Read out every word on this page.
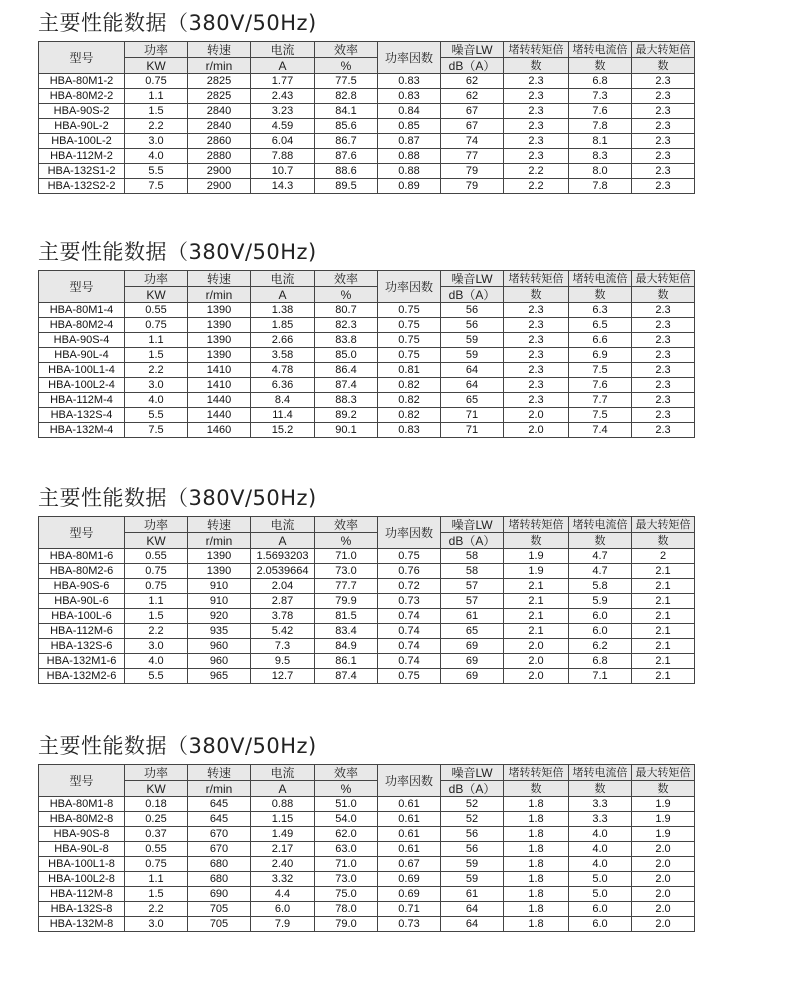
主要性能数据（380V/50Hz)
型号	功率	转速	电流	效率	功率因数	噪音LW	堵转转矩倍	堵转电流倍	最大转矩倍
	KW	r/min	A	%		dB（A）	数	数	数
HBA-80M1-2	0.75	2825	1.77	77.5	0.83	62	2.3	6.8	2.3
HBA-80M2-2	1.1	2825	2.43	82.8	0.83	62	2.3	7.3	2.3
HBA-90S-2	1.5	2840	3.23	84.1	0.84	67	2.3	7.6	2.3
HBA-90L-2	2.2	2840	4.59	85.6	0.85	67	2.3	7.8	2.3
HBA-100L-2	3.0	2860	6.04	86.7	0.87	74	2.3	8.1	2.3
HBA-112M-2	4.0	2880	7.88	87.6	0.88	77	2.3	8.3	2.3
HBA-132S1-2	5.5	2900	10.7	88.6	0.88	79	2.2	8.0	2.3
HBA-132S2-2	7.5	2900	14.3	89.5	0.89	79	2.2	7.8	2.3
主要性能数据（380V/50Hz)
型号	功率	转速	电流	效率	功率因数	噪音LW	堵转转矩倍	堵转电流倍	最大转矩倍
	KW	r/min	A	%		dB（A）	数	数	数
HBA-80M1-4	0.55	1390	1.38	80.7	0.75	56	2.3	6.3	2.3
HBA-80M2-4	0.75	1390	1.85	82.3	0.75	56	2.3	6.5	2.3
HBA-90S-4	1.1	1390	2.66	83.8	0.75	59	2.3	6.6	2.3
HBA-90L-4	1.5	1390	3.58	85.0	0.75	59	2.3	6.9	2.3
HBA-100L1-4	2.2	1410	4.78	86.4	0.81	64	2.3	7.5	2.3
HBA-100L2-4	3.0	1410	6.36	87.4	0.82	64	2.3	7.6	2.3
HBA-112M-4	4.0	1440	8.4	88.3	0.82	65	2.3	7.7	2.3
HBA-132S-4	5.5	1440	11.4	89.2	0.82	71	2.0	7.5	2.3
HBA-132M-4	7.5	1460	15.2	90.1	0.83	71	2.0	7.4	2.3
主要性能数据（380V/50Hz)
型号	功率	转速	电流	效率	功率因数	噪音LW	堵转转矩倍	堵转电流倍	最大转矩倍
	KW	r/min	A	%		dB（A）	数	数	数
HBA-80M1-6	0.55	1390	1.5693203	71.0	0.75	58	1.9	4.7	2
HBA-80M2-6	0.75	1390	2.0539664	73.0	0.76	58	1.9	4.7	2.1
HBA-90S-6	0.75	910	2.04	77.7	0.72	57	2.1	5.8	2.1
HBA-90L-6	1.1	910	2.87	79.9	0.73	57	2.1	5.9	2.1
HBA-100L-6	1.5	920	3.78	81.5	0.74	61	2.1	6.0	2.1
HBA-112M-6	2.2	935	5.42	83.4	0.74	65	2.1	6.0	2.1
HBA-132S-6	3.0	960	7.3	84.9	0.74	69	2.0	6.2	2.1
HBA-132M1-6	4.0	960	9.5	86.1	0.74	69	2.0	6.8	2.1
HBA-132M2-6	5.5	965	12.7	87.4	0.75	69	2.0	7.1	2.1
主要性能数据（380V/50Hz)
型号	功率	转速	电流	效率	功率因数	噪音LW	堵转转矩倍	堵转电流倍	最大转矩倍
	KW	r/min	A	%		dB（A）	数	数	数
HBA-80M1-8	0.18	645	0.88	51.0	0.61	52	1.8	3.3	1.9
HBA-80M2-8	0.25	645	1.15	54.0	0.61	52	1.8	3.3	1.9
HBA-90S-8	0.37	670	1.49	62.0	0.61	56	1.8	4.0	1.9
HBA-90L-8	0.55	670	2.17	63.0	0.61	56	1.8	4.0	2.0
HBA-100L1-8	0.75	680	2.40	71.0	0.67	59	1.8	4.0	2.0
HBA-100L2-8	1.1	680	3.32	73.0	0.69	59	1.8	5.0	2.0
HBA-112M-8	1.5	690	4.4	75.0	0.69	61	1.8	5.0	2.0
HBA-132S-8	2.2	705	6.0	78.0	0.71	64	1.8	6.0	2.0
HBA-132M-8	3.0	705	7.9	79.0	0.73	64	1.8	6.0	2.0
